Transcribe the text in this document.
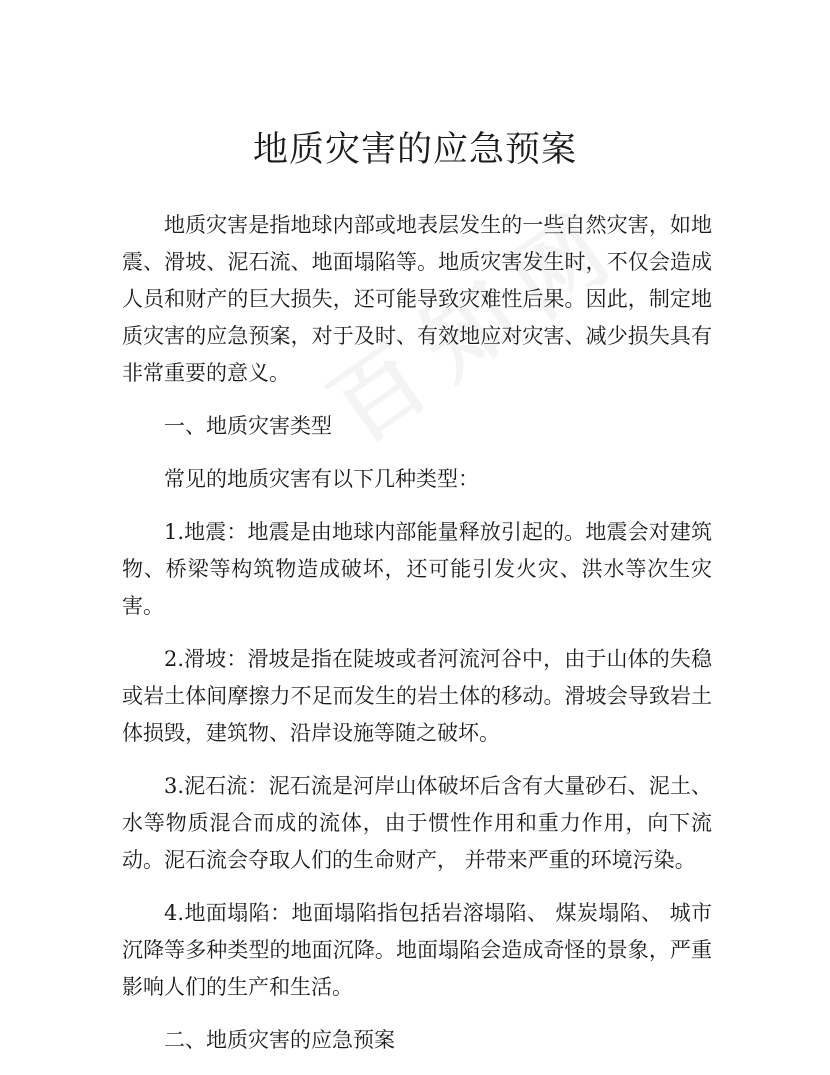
地质灾害的应急预案

地质灾害是指地球内部或地表层发生的一些自然灾害，如地震、滑坡、泥石流、地面塌陷等。地质灾害发生时，不仅会造成人员和财产的巨大损失，还可能导致灾难性后果。因此，制定地质灾害的应急预案，对于及时、有效地应对灾害、减少损失具有非常重要的意义。

一、地质灾害类型

常见的地质灾害有以下几种类型：

1.地震：地震是由地球内部能量释放引起的。地震会对建筑物、桥梁等构筑物造成破坏，还可能引发火灾、洪水等次生灾害。

2.滑坡：滑坡是指在陡坡或者河流河谷中，由于山体的失稳或岩土体间摩擦力不足而发生的岩土体的移动。滑坡会导致岩土体损毁，建筑物、沿岸设施等随之破坏。

3.泥石流：泥石流是河岸山体破坏后含有大量砂石、泥土、水等物质混合而成的流体，由于惯性作用和重力作用，向下流动。泥石流会夺取人们的生命财产， 并带来严重的环境污染。

4.地面塌陷：地面塌陷指包括岩溶塌陷、 煤炭塌陷、 城市沉降等多种类型的地面沉降。地面塌陷会造成奇怪的景象，严重影响人们的生产和生活。

二、地质灾害的应急预案
